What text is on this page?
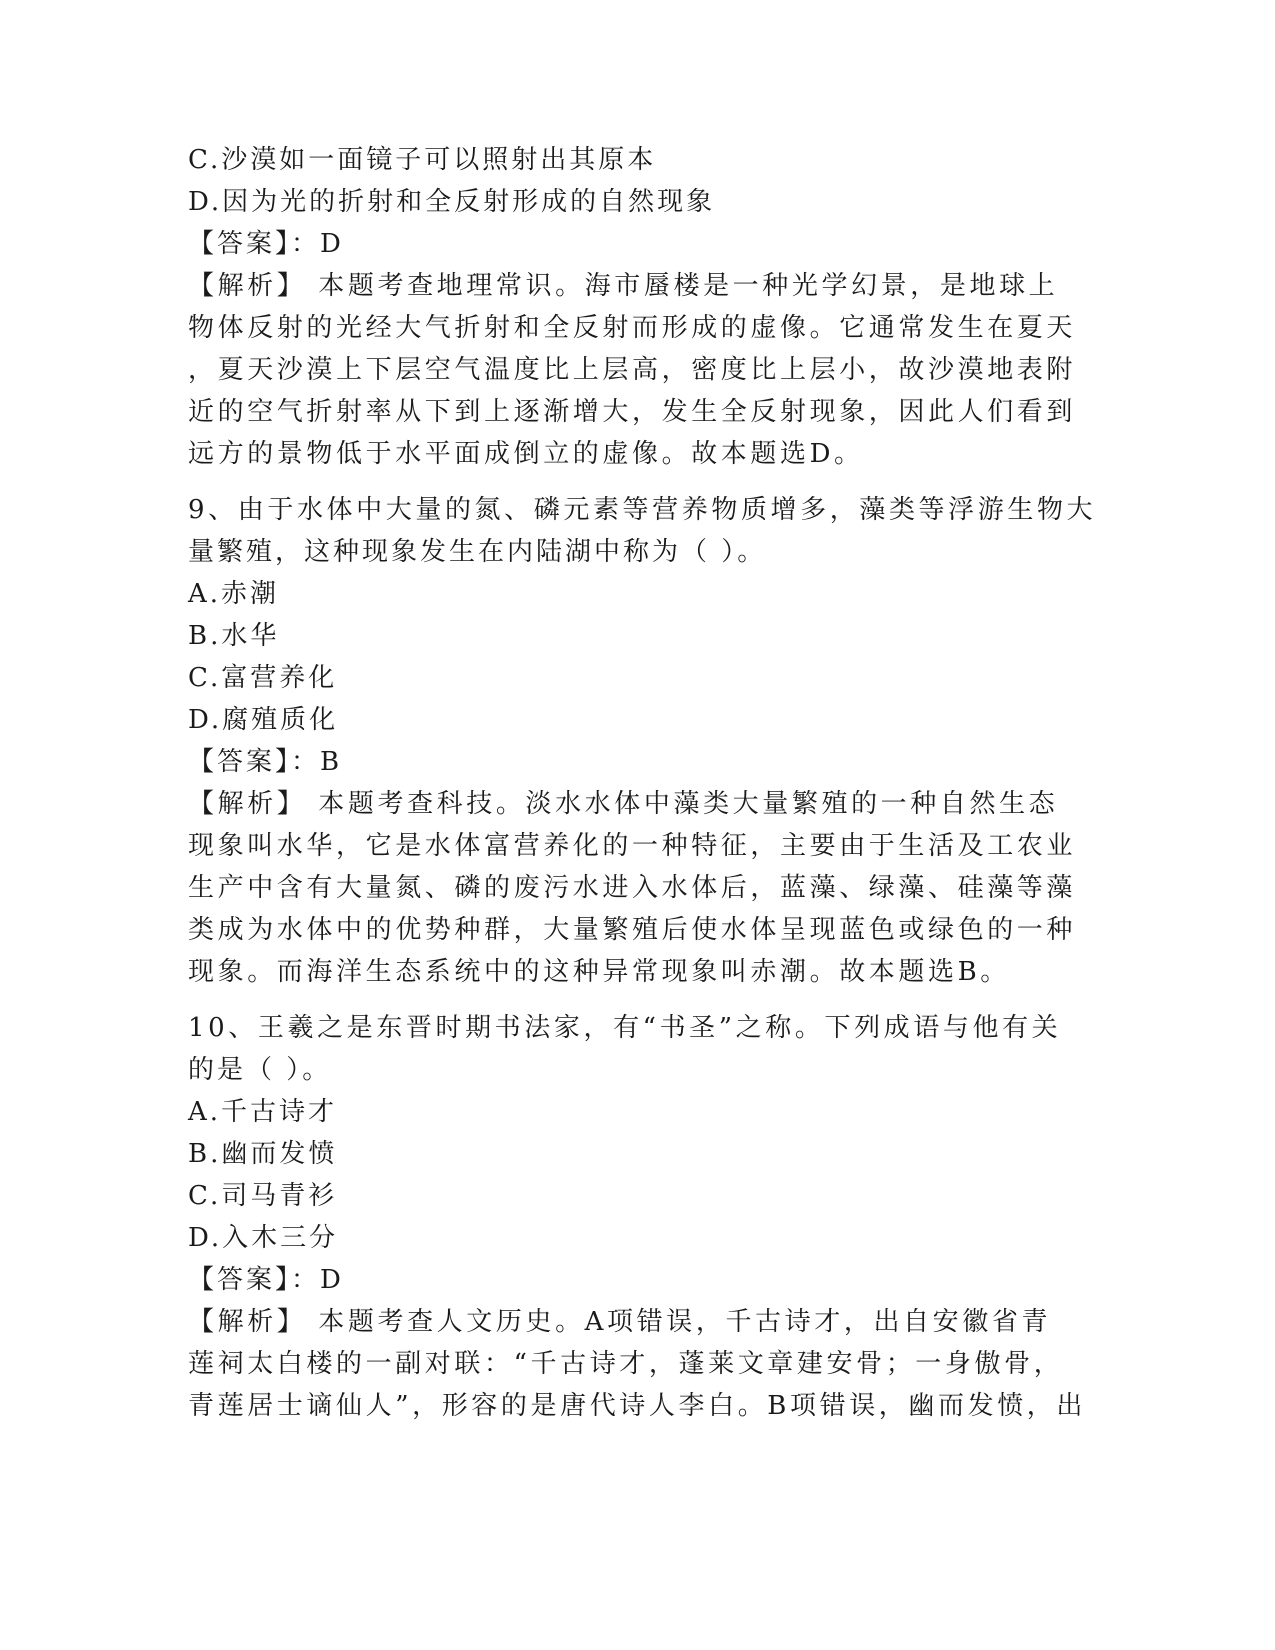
C.沙漠如一面镜子可以照射出其原本
D.因为光的折射和全反射形成的自然现象
【答案】：D
【解析】 本题考查地理常识。海市蜃楼是一种光学幻景，是地球上
物体反射的光经大气折射和全反射而形成的虚像。它通常发生在夏天
，夏天沙漠上下层空气温度比上层高，密度比上层小，故沙漠地表附
近的空气折射率从下到上逐渐增大，发生全反射现象，因此人们看到
远方的景物低于水平面成倒立的虚像。故本题选D。
9、由于水体中大量的氮、磷元素等营养物质增多，藻类等浮游生物大
量繁殖，这种现象发生在内陆湖中称为（ ）。
A.赤潮
B.水华
C.富营养化
D.腐殖质化
【答案】：B
【解析】 本题考查科技。淡水水体中藻类大量繁殖的一种自然生态
现象叫水华，它是水体富营养化的一种特征，主要由于生活及工农业
生产中含有大量氮、磷的废污水进入水体后，蓝藻、绿藻、硅藻等藻
类成为水体中的优势种群，大量繁殖后使水体呈现蓝色或绿色的一种
现象。而海洋生态系统中的这种异常现象叫赤潮。故本题选B。
10、王羲之是东晋时期书法家，有“书圣”之称。下列成语与他有关
的是（ ）。
A.千古诗才
B.幽而发愤
C.司马青衫
D.入木三分
【答案】：D
【解析】 本题考查人文历史。A项错误，千古诗才，出自安徽省青
莲祠太白楼的一副对联：“千古诗才，蓬莱文章建安骨；一身傲骨，
青莲居士谪仙人”，形容的是唐代诗人李白。B项错误，幽而发愤，出
